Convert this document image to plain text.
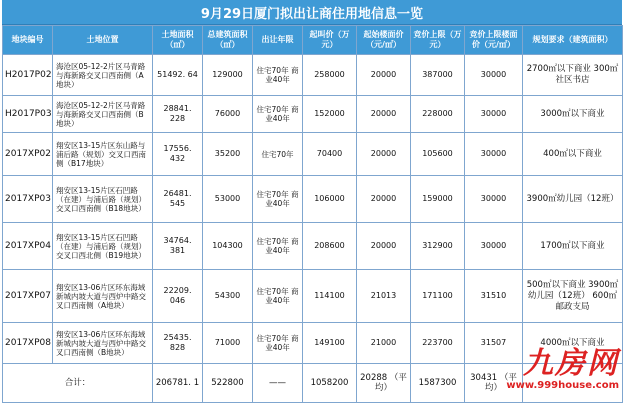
9月29日厦门拟出让商住用地信息一览
地块编号	土地位置	土地面积（㎡）	总建筑面积（㎡）	出让年限	起叫价（万元）	起始楼面价（元/㎡）	竞价上限（万元）	竞价上限楼面价（元/㎡）	规划要求（建筑面积）
H2017P02	海沧区05-12-2片区马青路与海新路交叉口西南侧（A地块）	51492. 64	129000	住宅70年 商业40年	258000	20000	387000	30000	2700㎡以下商业 300㎡社区书店
H2017P03	海沧区05-12-2片区马青路与海新路交叉口西南侧（B地块）	28841. 228	76000	住宅70年 商业40年	152000	20000	228000	30000	3000㎡以下商业
2017XP02	翔安区13-15片区东山路与浦后路（规划）交叉口西南侧（B17地块）	17556. 432	35200	住宅70年	70400	20000	105600	30000	400㎡以下商业
2017XP03	翔安区13-15片区石凹路（在建）与浦后路（规划）交叉口西南侧（B18地块）	26481. 545	53000	住宅70年 商业40年	106000	20000	159000	30000	3900㎡幼儿园（12班）
2017XP04	翔安区13-15片区石凹路（在建）与浦后路（规划）交叉口西北侧（B19地块）	34764. 381	104300	住宅70年 商业40年	208600	20000	312900	30000	1700㎡以下商业
2017XP07	翔安区13-06片区环东海域新城内坡大道与西炉中路交叉口西南侧（A地块）	22209. 046	54300	住宅70年 商业40年	114100	21013	171100	31510	500㎡以下商业 3900㎡幼儿园（12班） 600㎡邮政支局
2017XP08	翔安区13-06片区环东海域新城内坡大道与西炉中路交叉口西南侧（B地块）	25435. 828	71000	住宅70年 商业40年	149100	21000	223700	31507	4000㎡以下商业
合计：		206781. 1	522800	——	1058200	20288 （平均）	1587300	30431 （平均）	
九房网
www.999house.com
